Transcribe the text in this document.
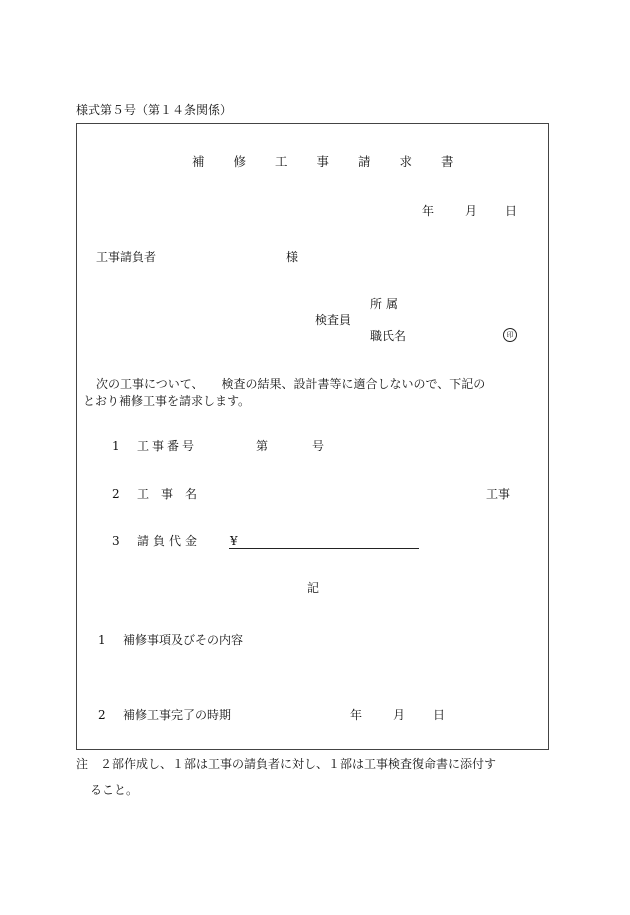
様式第５号（第１４条関係）
補修工事請求書
年	月 日
工事請負者	様
所属
検査員
職氏名	印
次の工事について、　　検査の結果、設計書等に適合しないので、下記の
とおり補修工事を請求します。
1 工事番号	第	号
2 工事名	工事
3 請負代金 ¥
記
1 補修事項及びその内容
2 補修工事完了の時期	年	月 日
注　２部作成し、１部は工事の請負者に対し、１部は工事検査復命書に添付す
ること。
